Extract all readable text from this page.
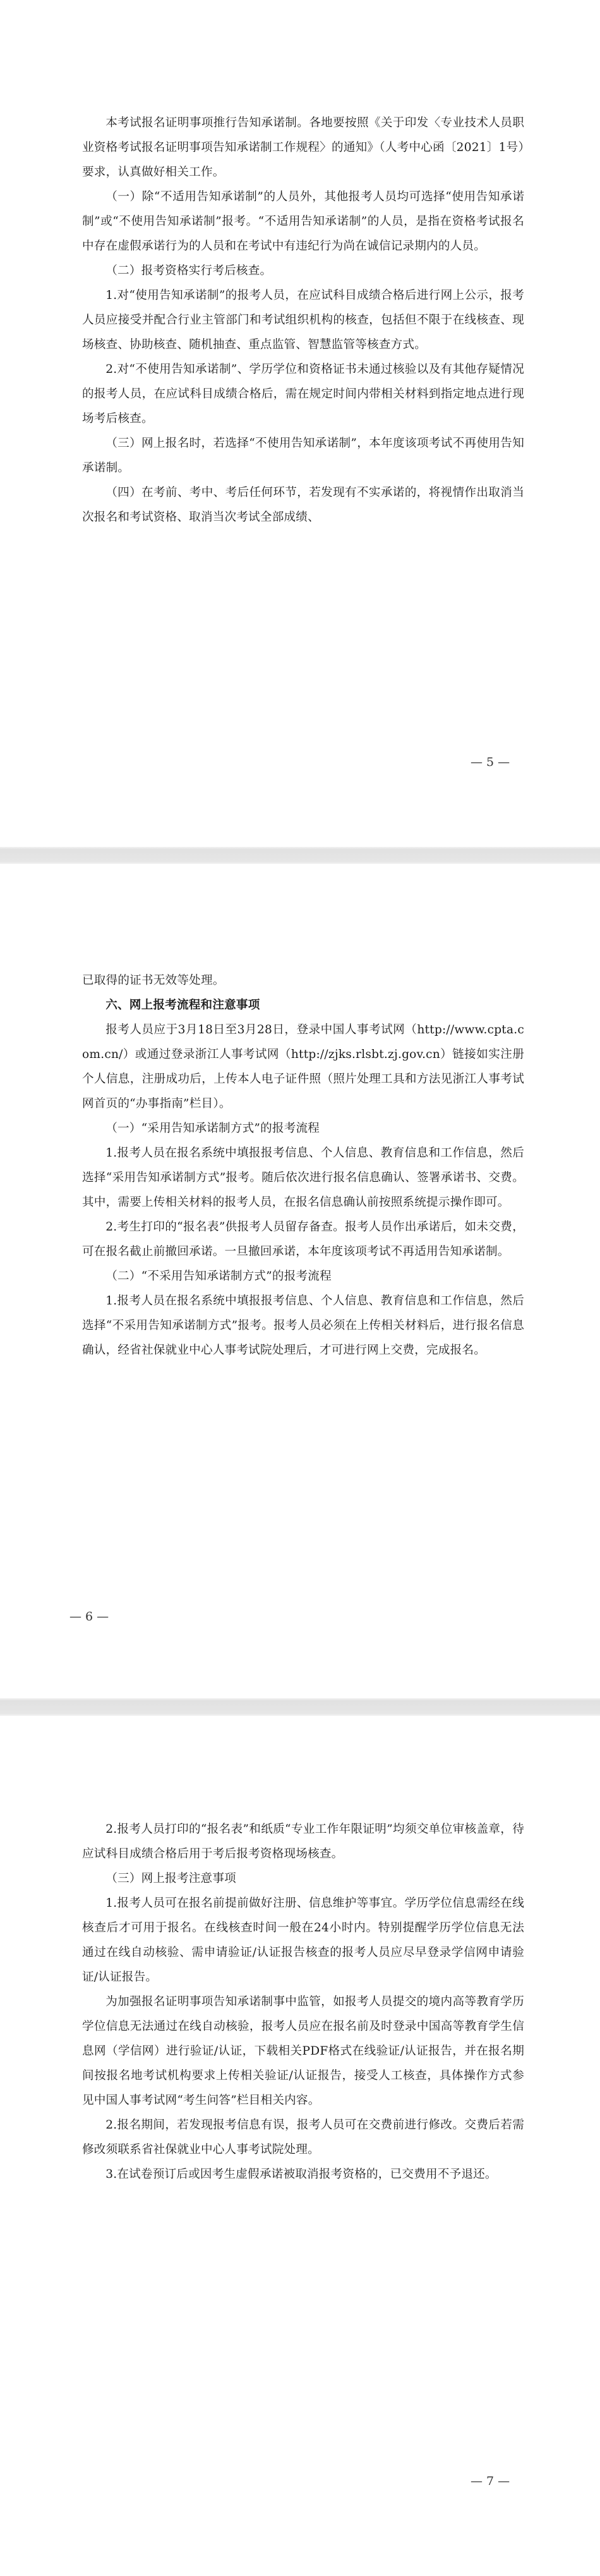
本考试报名证明事项推行告知承诺制。各地要按照《关于印发〈专业技术人员职业资格考试报名证明事项告知承诺制工作规程〉的通知》（人考中心函〔2021〕1号）要求，认真做好相关工作。

（一）除“不适用告知承诺制”的人员外，其他报考人员均可选择“使用告知承诺制”或“不使用告知承诺制”报考。“不适用告知承诺制”的人员，是指在资格考试报名中存在虚假承诺行为的人员和在考试中有违纪行为尚在诚信记录期内的人员。

（二）报考资格实行考后核查。

1.对“使用告知承诺制”的报考人员，在应试科目成绩合格后进行网上公示，报考人员应接受并配合行业主管部门和考试组织机构的核查，包括但不限于在线核查、现场核查、协助核查、随机抽查、重点监管、智慧监管等核查方式。

2.对“不使用告知承诺制”、学历学位和资格证书未通过核验以及有其他存疑情况的报考人员，在应试科目成绩合格后，需在规定时间内带相关材料到指定地点进行现场考后核查。

（三）网上报名时，若选择“不使用告知承诺制”，本年度该项考试不再使用告知承诺制。

（四）在考前、考中、考后任何环节，若发现有不实承诺的，将视情作出取消当次报名和考试资格、取消当次考试全部成绩、

— 5 —

已取得的证书无效等处理。

六、网上报考流程和注意事项

报考人员应于3月18日至3月28日，登录中国人事考试网（http://www.cpta.com.cn/）或通过登录浙江人事考试网（http://zjks.rlsbt.zj.gov.cn）链接如实注册个人信息，注册成功后，上传本人电子证件照（照片处理工具和方法见浙江人事考试网首页的“办事指南”栏目）。

（一）“采用告知承诺制方式”的报考流程

1.报考人员在报名系统中填报报考信息、个人信息、教育信息和工作信息，然后选择“采用告知承诺制方式”报考。随后依次进行报名信息确认、签署承诺书、交费。其中，需要上传相关材料的报考人员，在报名信息确认前按照系统提示操作即可。

2.考生打印的“报名表”供报考人员留存备查。报考人员作出承诺后，如未交费，可在报名截止前撤回承诺。一旦撤回承诺，本年度该项考试不再适用告知承诺制。

（二）“不采用告知承诺制方式”的报考流程

1.报考人员在报名系统中填报报考信息、个人信息、教育信息和工作信息，然后选择“不采用告知承诺制方式”报考。报考人员必须在上传相关材料后，进行报名信息确认，经省社保就业中心人事考试院处理后，才可进行网上交费，完成报名。

— 6 —

2.报考人员打印的“报名表”和纸质“专业工作年限证明”均须交单位审核盖章，待应试科目成绩合格后用于考后报考资格现场核查。

（三）网上报考注意事项

1.报考人员可在报名前提前做好注册、信息维护等事宜。学历学位信息需经在线核查后才可用于报名。在线核查时间一般在24小时内。特别提醒学历学位信息无法通过在线自动核验、需申请验证/认证报告核查的报考人员应尽早登录学信网申请验证/认证报告。

为加强报名证明事项告知承诺制事中监管，如报考人员提交的境内高等教育学历学位信息无法通过在线自动核验，报考人员应在报名前及时登录中国高等教育学生信息网（学信网）进行验证/认证，下载相关PDF格式在线验证/认证报告，并在报名期间按报名地考试机构要求上传相关验证/认证报告，接受人工核查，具体操作方式参见中国人事考试网“考生问答”栏目相关内容。

2.报名期间，若发现报考信息有误，报考人员可在交费前进行修改。交费后若需修改须联系省社保就业中心人事考试院处理。

3.在试卷预订后或因考生虚假承诺被取消报考资格的，已交费用不予退还。

— 7 —
